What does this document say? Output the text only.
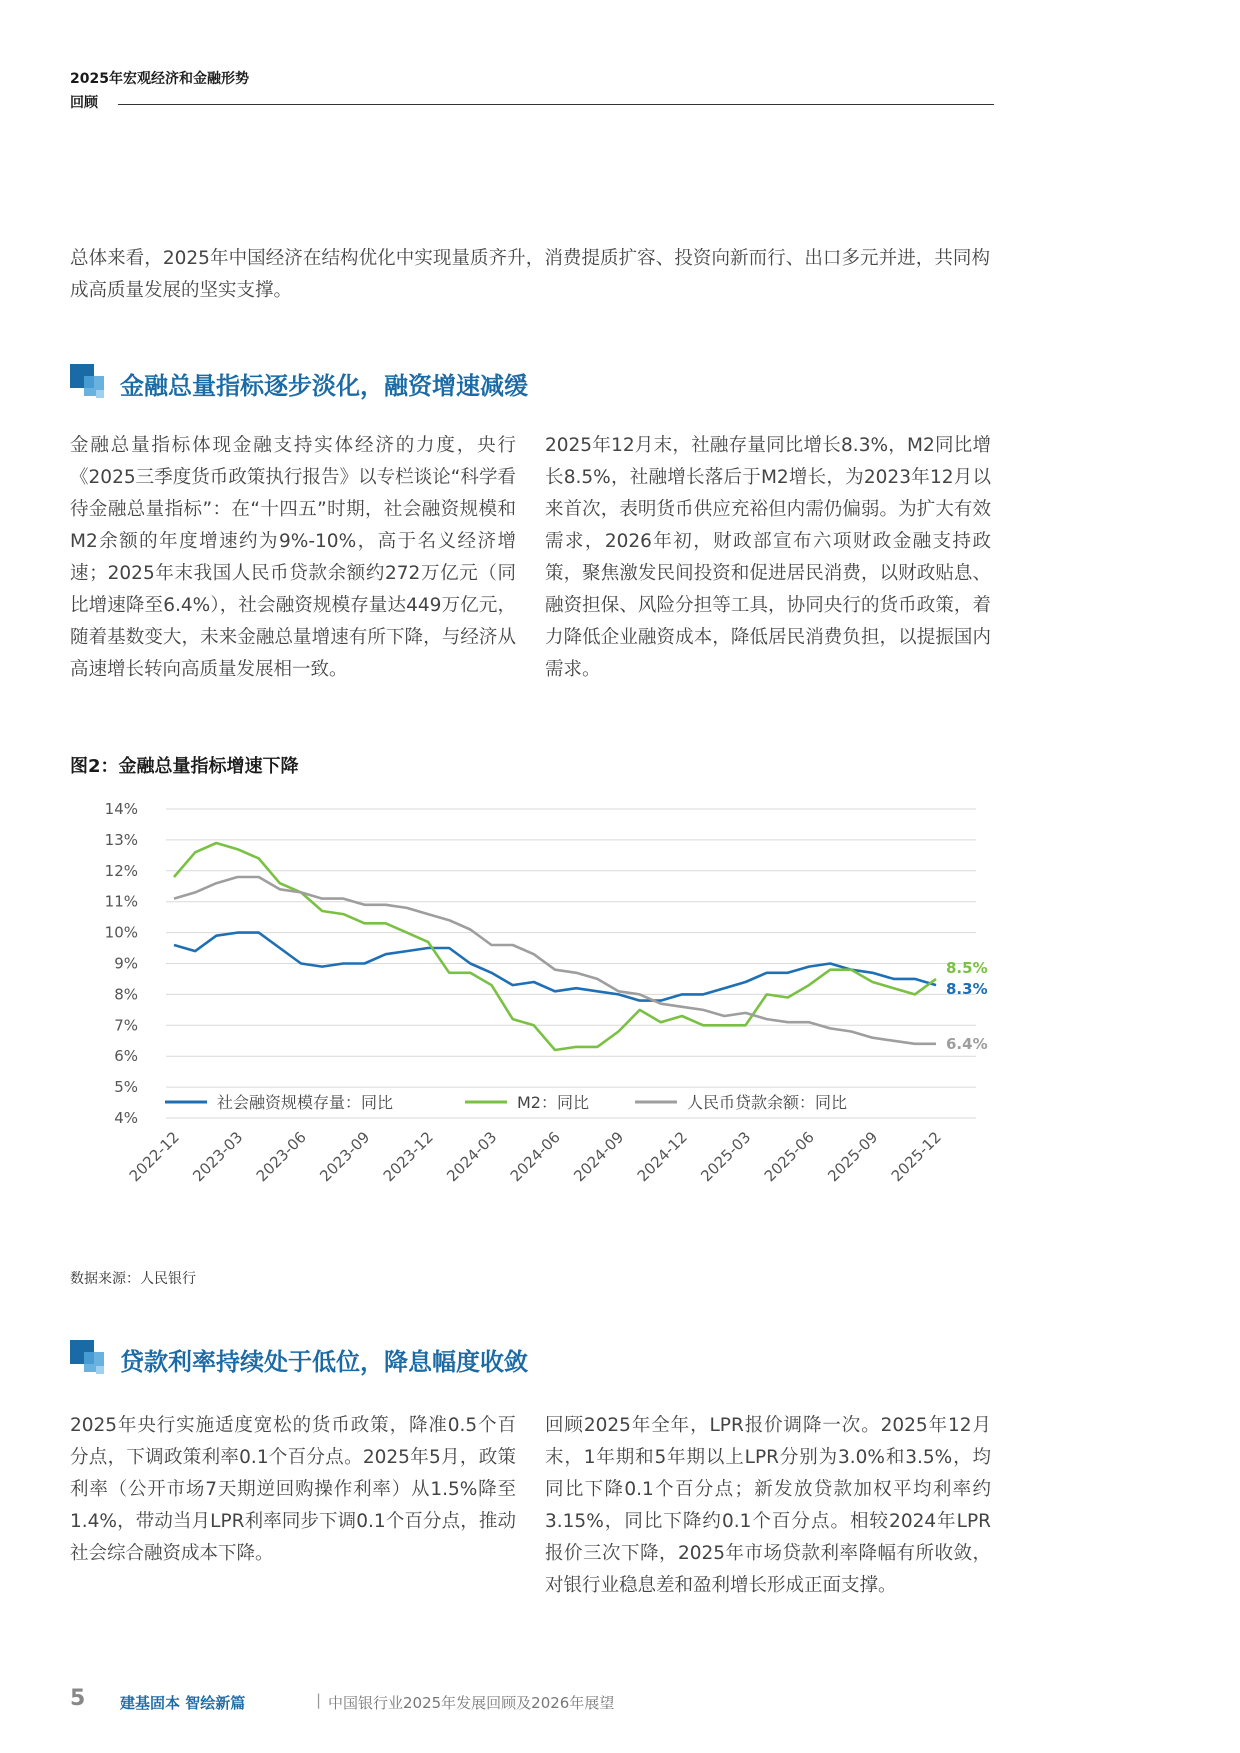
2025年宏观经济和金融形势
回顾

总体来看，2025年中国经济在结构优化中实现量质齐升，消费提质扩容、投资向新而行、出口多元并进，共同构成高质量发展的坚实支撑。

金融总量指标逐步淡化，融资增速减缓

金融总量指标体现金融支持实体经济的力度，央行《2025三季度货币政策执行报告》以专栏谈论“科学看待金融总量指标”：在“十四五”时期，社会融资规模和M2余额的年度增速约为9%-10%，高于名义经济增速；2025年末我国人民币贷款余额约272万亿元（同比增速降至6.4%），社会融资规模存量达449万亿元，随着基数变大，未来金融总量增速有所下降，与经济从高速增长转向高质量发展相一致。

2025年12月末，社融存量同比增长8.3%，M2同比增长8.5%，社融增长落后于M2增长，为2023年12月以来首次，表明货币供应充裕但内需仍偏弱。为扩大有效需求，2026年初，财政部宣布六项财政金融支持政策，聚焦激发民间投资和促进居民消费，以财政贴息、融资担保、风险分担等工具，协同央行的货币政策，着力降低企业融资成本，降低居民消费负担，以提振国内需求。

图2：金融总量指标增速下降
14%
13%
12%
11%
10%
9%
8%
7%
6%
5%
4%
2022-12 2023-03 2023-06 2023-09 2023-12 2024-03 2024-06 2024-09 2024-12 2025-03 2025-06 2025-09 2025-12
8.3%
8.5%
6.4%
社会融资规模存量：同比	M2：同比	人民币贷款余额：同比
数据来源：人民银行
贷款利率持续处于低位，降息幅度收敛

2025年央行实施适度宽松的货币政策，降准0.5个百分点，下调政策利率0.1个百分点。2025年5月，政策利率（公开市场7天期逆回购操作利率）从1.5%降至1.4%，带动当月LPR利率同步下调0.1个百分点，推动社会综合融资成本下降。

回顾2025年全年，LPR报价调降一次。2025年12月末，1年期和5年期以上LPR分别为3.0%和3.5%，均同比下降0.1个百分点；新发放贷款加权平均利率约3.15%，同比下降约0.1个百分点。相较2024年LPR报价三次下降，2025年市场贷款利率降幅有所收敛，对银行业稳息差和盈利增长形成正面支撑。

5 建基固本 智绘新篇	| 中国银行业2025年发展回顾及2026年展望
